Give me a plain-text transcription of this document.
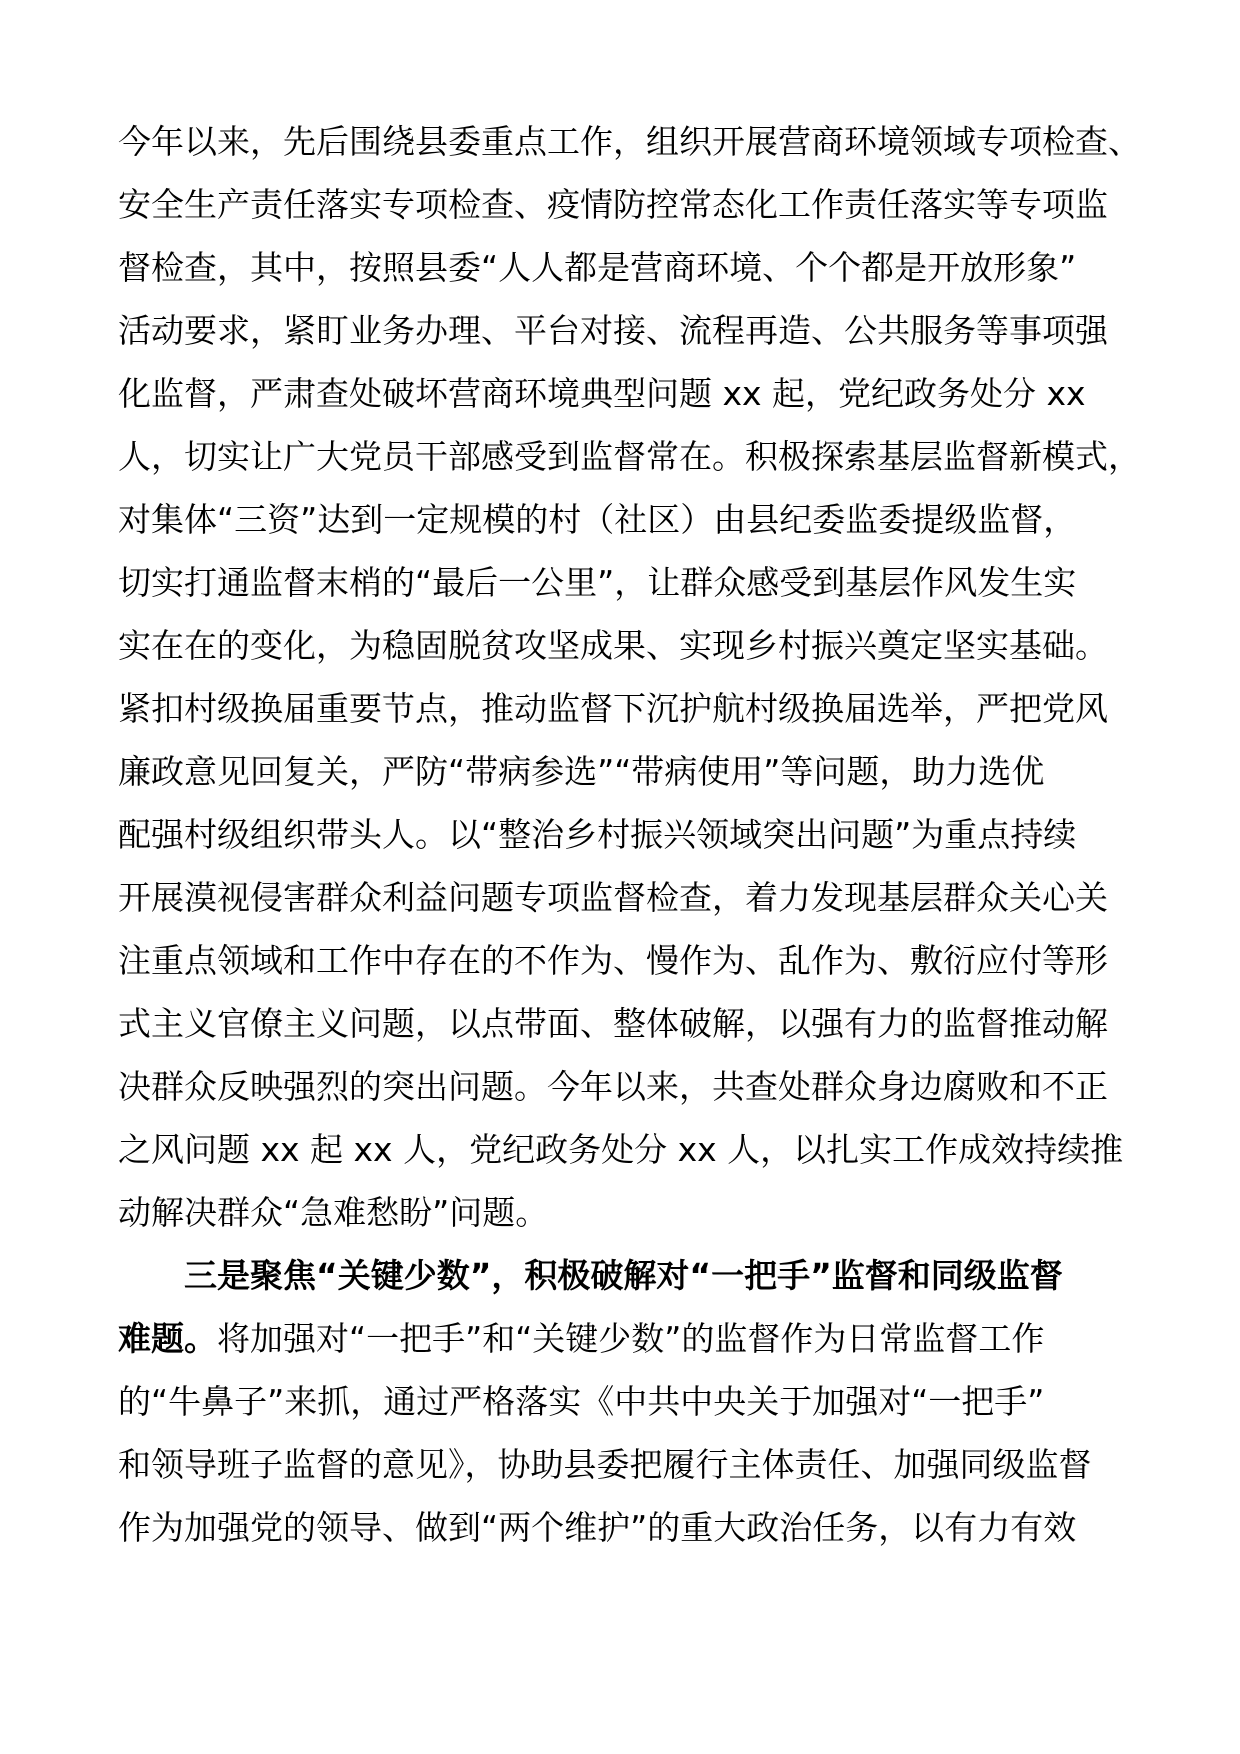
今年以来，先后围绕县委重点工作，组织开展营商环境领域专项检查、
安全生产责任落实专项检查、疫情防控常态化工作责任落实等专项监
督检查，其中，按照县委“人人都是营商环境、个个都是开放形象”
活动要求，紧盯业务办理、平台对接、流程再造、公共服务等事项强
化监督，严肃查处破坏营商环境典型问题 xx 起，党纪政务处分 xx
人，切实让广大党员干部感受到监督常在。积极探索基层监督新模式，
对集体“三资”达到一定规模的村（社区）由县纪委监委提级监督，
切实打通监督末梢的“最后一公里”，让群众感受到基层作风发生实
实在在的变化，为稳固脱贫攻坚成果、实现乡村振兴奠定坚实基础。
紧扣村级换届重要节点，推动监督下沉护航村级换届选举，严把党风
廉政意见回复关，严防“带病参选”“带病使用”等问题，助力选优
配强村级组织带头人。以“整治乡村振兴领域突出问题”为重点持续
开展漠视侵害群众利益问题专项监督检查，着力发现基层群众关心关
注重点领域和工作中存在的不作为、慢作为、乱作为、敷衍应付等形
式主义官僚主义问题，以点带面、整体破解，以强有力的监督推动解
决群众反映强烈的突出问题。今年以来，共查处群众身边腐败和不正
之风问题 xx 起 xx 人，党纪政务处分 xx 人，以扎实工作成效持续推
动解决群众“急难愁盼”问题。
三是聚焦“关键少数”，积极破解对“一把手”监督和同级监督
难题。将加强对“一把手”和“关键少数”的监督作为日常监督工作
的“牛鼻子”来抓，通过严格落实《中共中央关于加强对“一把手”
和领导班子监督的意见》，协助县委把履行主体责任、加强同级监督
作为加强党的领导、做到“两个维护”的重大政治任务，以有力有效
